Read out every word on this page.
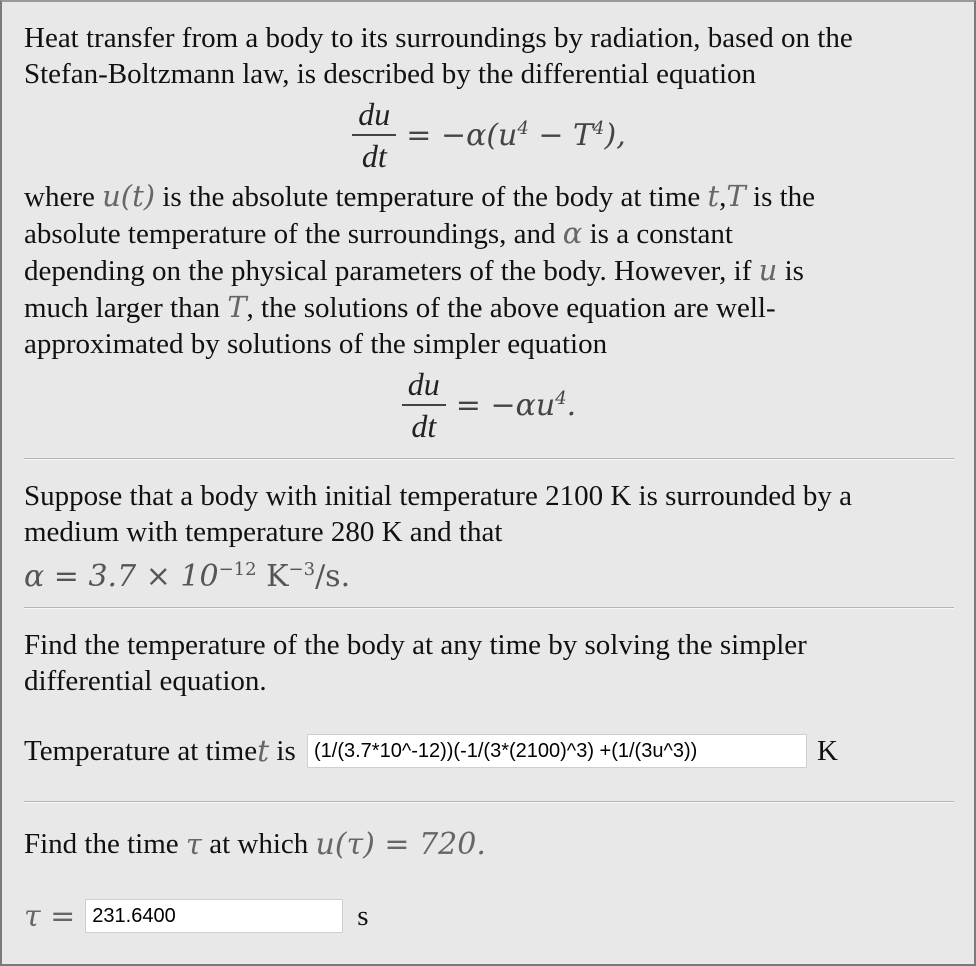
Heat transfer from a body to its surroundings by radiation, based on the

Stefan-Boltzmann law, is described by the differential equation

$\frac{du}{dt} = -\alpha(u^4 - T^4)$,

where u(t) is the absolute temperature of the body at time t,T is the

absolute temperature of the surroundings, and α is a constant

depending on the physical parameters of the body. However, if u is

much larger than T, the solutions of the above equation are well-

approximated by solutions of the simpler equation

$\frac{du}{dt} = -\alpha u^4$.

Suppose that a body with initial temperature 2100 K is surrounded by a

medium with temperature 280 K and that

$\alpha = 3.7 \times 10^{-12}$ $K^{-3}/s$.

Find the temperature of the body at any time by solving the simpler

differential equation.

Temperature at time t is (1/(3.7*10^-12))(-1/(3*(2100)^3) +(1/(3u^3))	K
Find the time τ at which u(τ) = 720.
τ = 231.6400	s
